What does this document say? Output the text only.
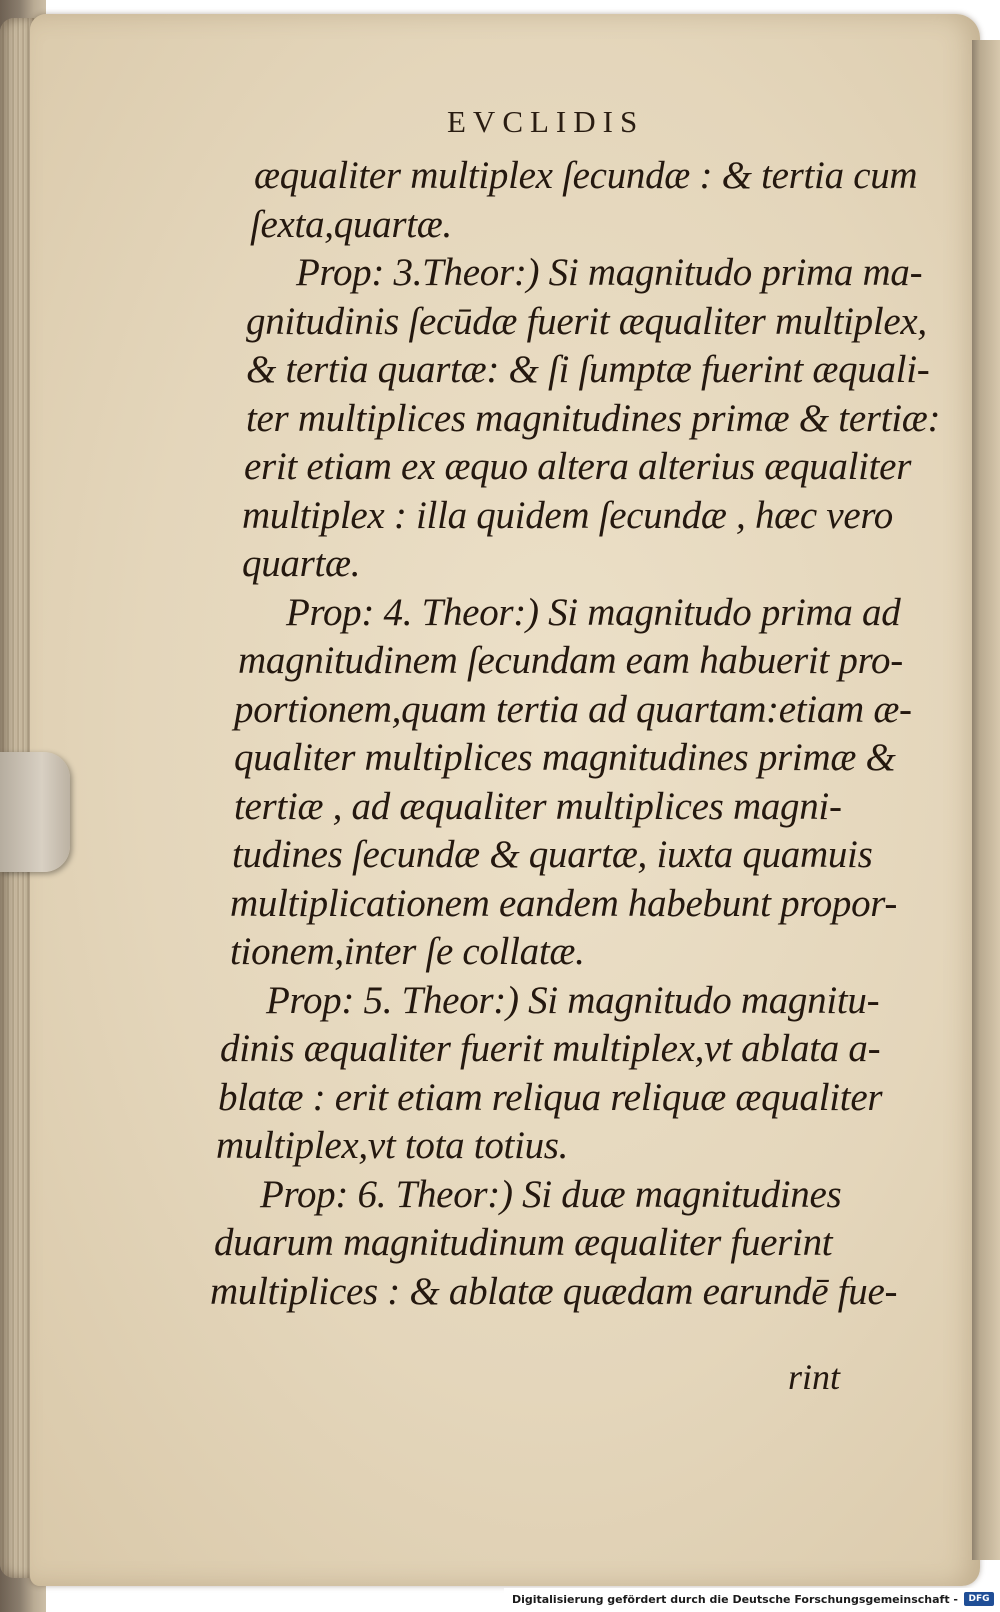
EVCLIDIS
æqualiter multiplex ſecundæ : & tertia cum
ſexta,quartæ.
Prop: 3.Theor:) Si magnitudo prima ma-
gnitudinis ſecūdæ fuerit æqualiter multiplex,
& tertia quartæ: & ſi ſumptæ fuerint æquali-
ter multiplices magnitudines primæ & tertiæ:
erit etiam ex æquo altera alterius æqualiter
multiplex : illa quidem ſecundæ , hæc vero
quartæ.
Prop: 4. Theor:) Si magnitudo prima ad
magnitudinem ſecundam eam habuerit pro-
portionem,quam tertia ad quartam:etiam æ-
qualiter multiplices magnitudines primæ &
tertiæ , ad æqualiter multiplices magni-
tudines ſecundæ & quartæ, iuxta quamuis
multiplicationem eandem habebunt propor-
tionem,inter ſe collatæ.
Prop: 5. Theor:) Si magnitudo magnitu-
dinis æqualiter fuerit multiplex,vt ablata a-
blatæ : erit etiam reliqua reliquæ æqualiter
multiplex,vt tota totius.
Prop: 6. Theor:) Si duæ magnitudines
duarum magnitudinum æqualiter fuerint
multiplices : & ablatæ quædam earundē fue-
rint
Digitalisierung gefördert durch die Deutsche Forschungsgemeinschaft -	DFG
